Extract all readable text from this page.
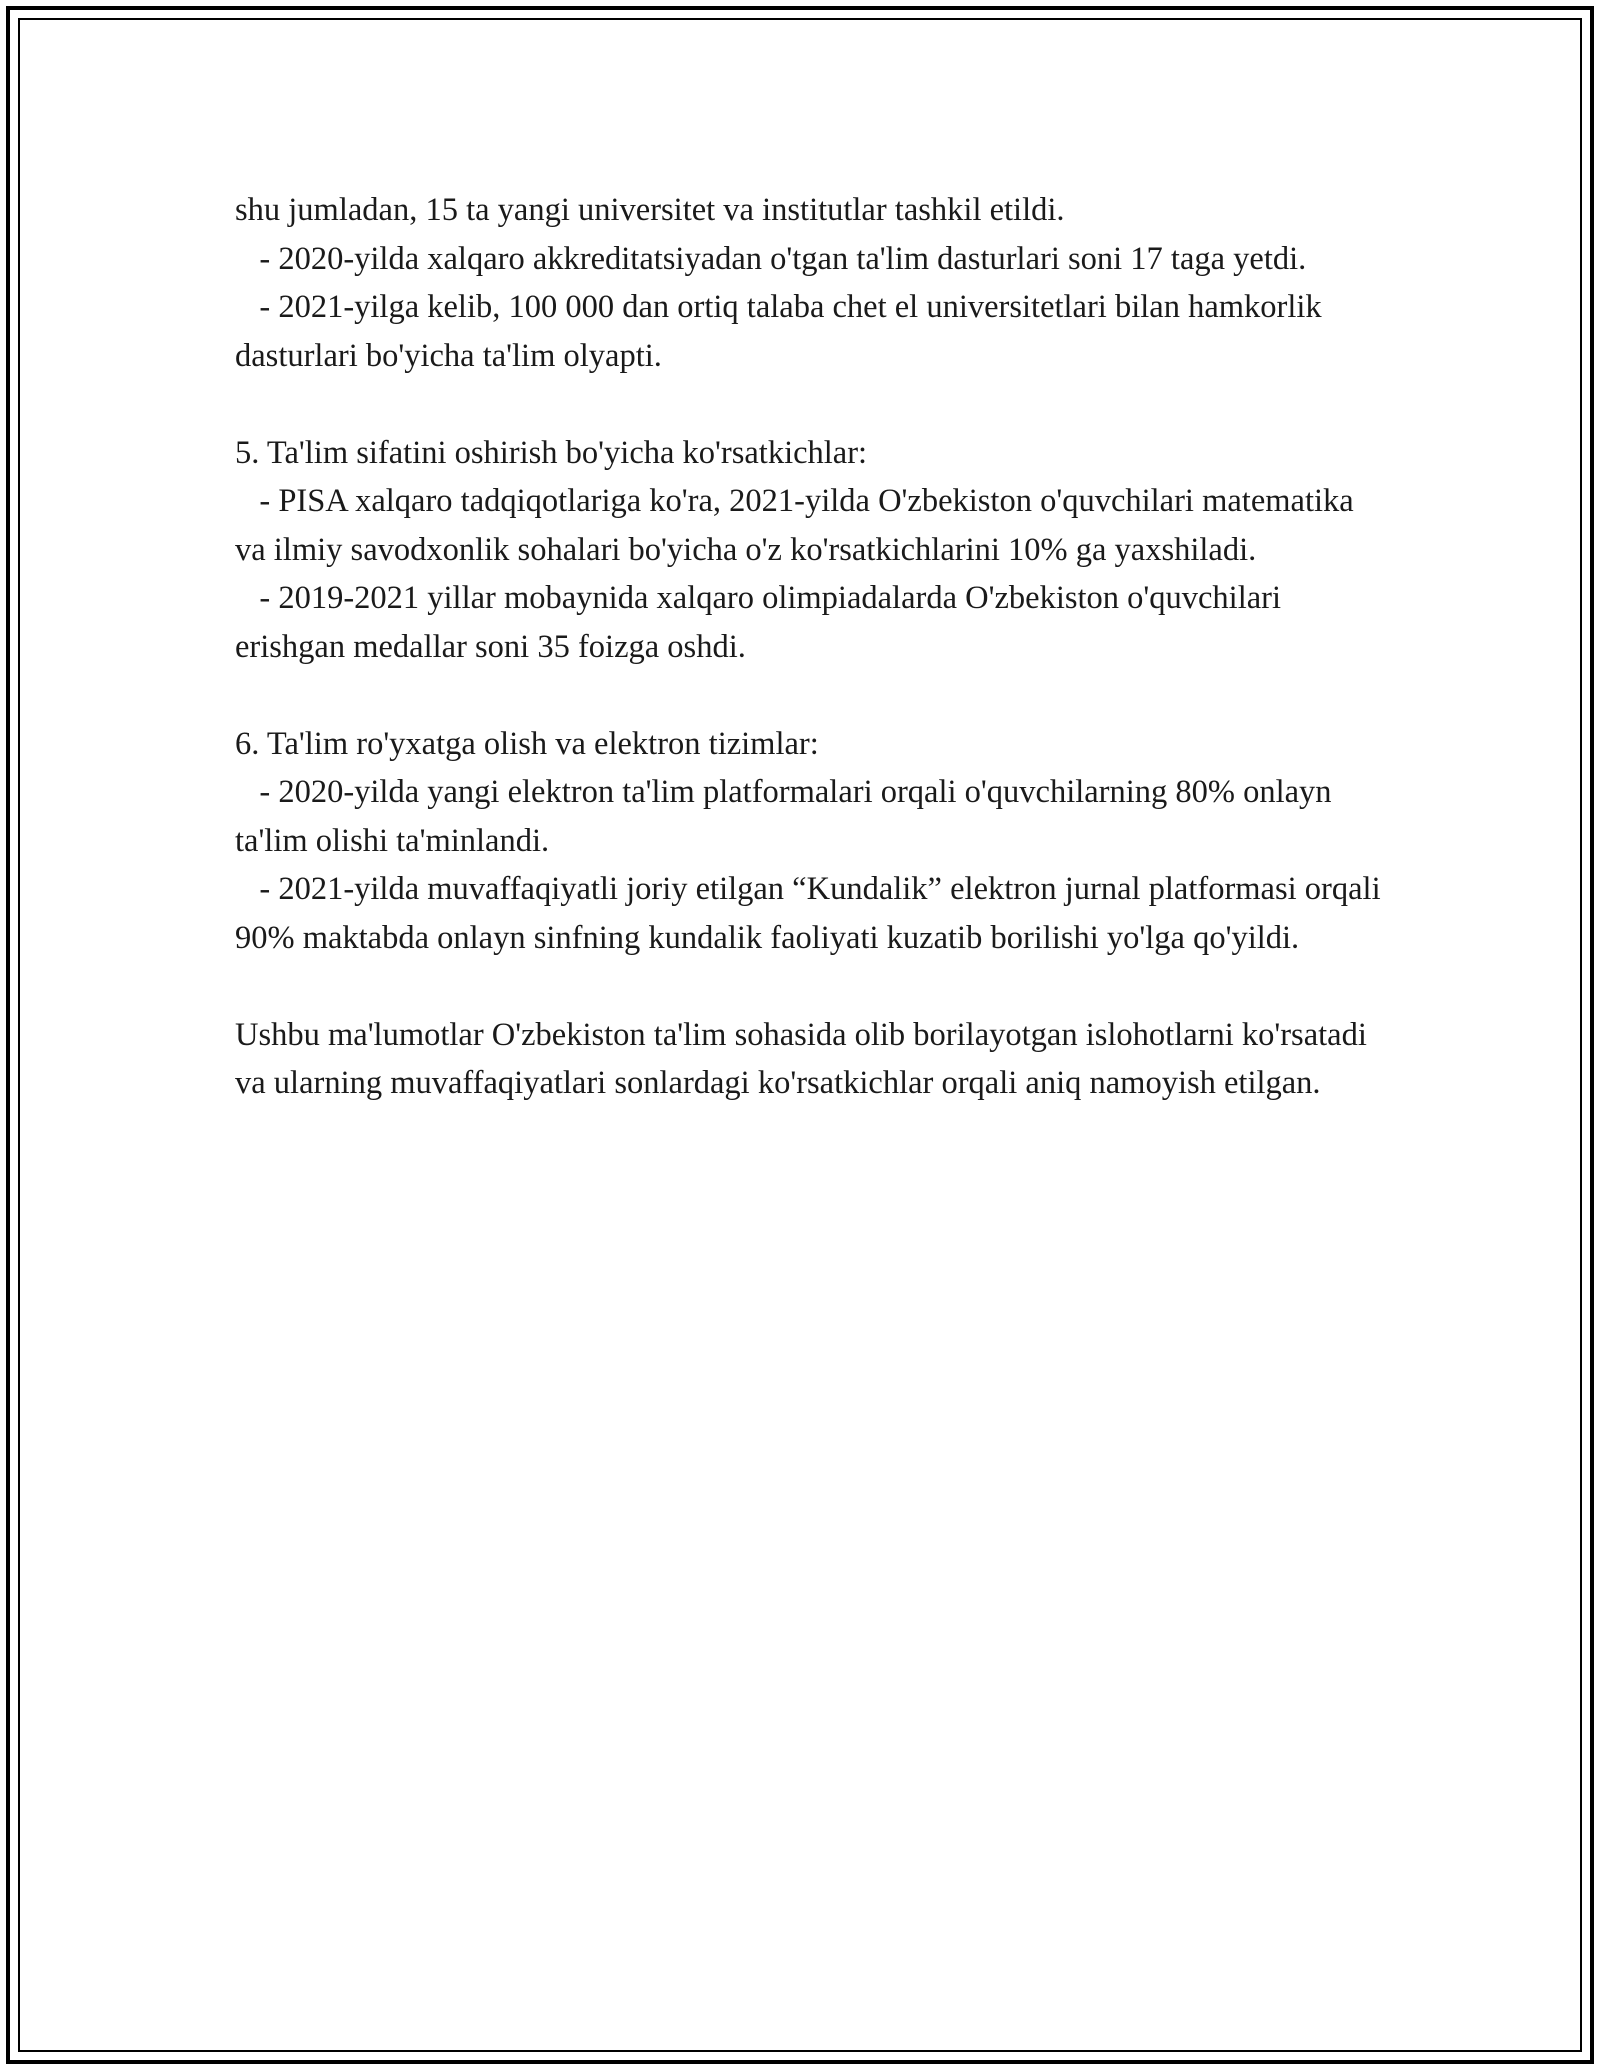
shu jumladan, 15 ta yangi universitet va institutlar tashkil etildi.

- 2020-yilda xalqaro akkreditatsiyadan o'tgan ta'lim dasturlari soni 17 taga yetdi.

- 2021-yilga kelib, 100 000 dan ortiq talaba chet el universitetlari bilan hamkorlik dasturlari bo'yicha ta'lim olyapti.

5. Ta'lim sifatini oshirish bo'yicha ko'rsatkichlar:

- PISA xalqaro tadqiqotlariga ko'ra, 2021-yilda O'zbekiston o'quvchilari matematika va ilmiy savodxonlik sohalari bo'yicha o'z ko'rsatkichlarini 10% ga yaxshiladi.

- 2019-2021 yillar mobaynida xalqaro olimpiadalarda O'zbekiston o'quvchilari erishgan medallar soni 35 foizga oshdi.

6. Ta'lim ro'yxatga olish va elektron tizimlar:

- 2020-yilda yangi elektron ta'lim platformalari orqali o'quvchilarning 80% onlayn ta'lim olishi ta'minlandi.

- 2021-yilda muvaffaqiyatli joriy etilgan “Kundalik” elektron jurnal platformasi orqali 90% maktabda onlayn sinfning kundalik faoliyati kuzatib borilishi yo'lga qo'yildi.

Ushbu ma'lumotlar O'zbekiston ta'lim sohasida olib borilayotgan islohotlarni ko'rsatadi va ularning muvaffaqiyatlari sonlardagi ko'rsatkichlar orqali aniq namoyish etilgan.
